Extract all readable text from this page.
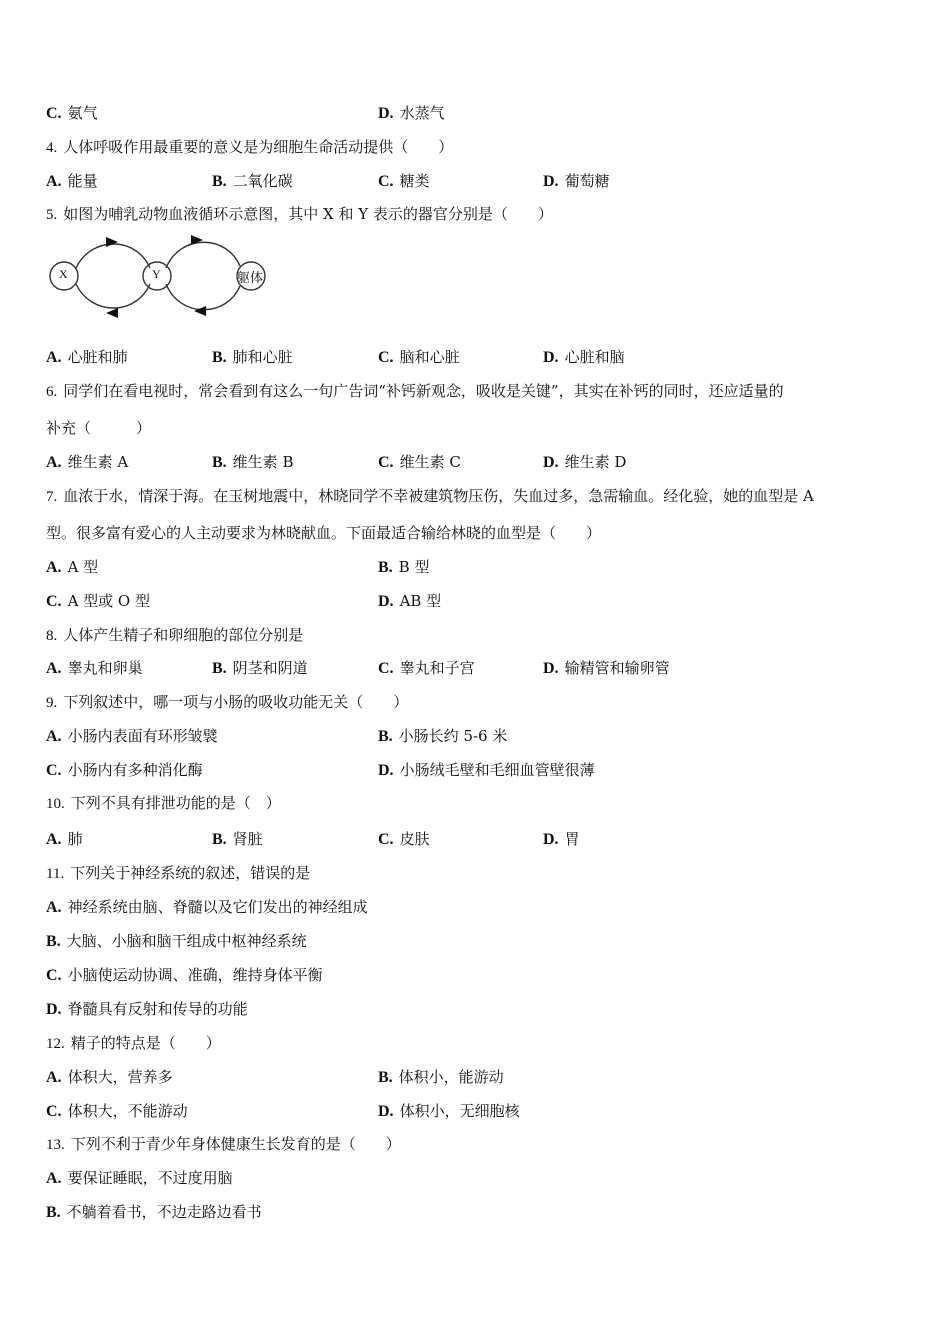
C. 氨气	D. 水蒸气
4. 人体呼吸作用最重要的意义是为细胞生命活动提供（　　）
A. 能量	B. 二氧化碳	C. 糖类	D. 葡萄糖
5. 如图为哺乳动物血液循环示意图，其中 X 和 Y 表示的器官分别是（　　）
A. 心脏和肺	B. 肺和心脏	C. 脑和心脏	D. 心脏和脑
6. 同学们在看电视时，常会看到有这么一句广告词“补钙新观念，吸收是关键”，其实在补钙的同时，还应适量的
补充（　　　）
A. 维生素 A	B. 维生素 B	C. 维生素 C	D. 维生素 D
7. 血浓于水，情深于海。在玉树地震中，林晓同学不幸被建筑物压伤，失血过多，急需输血。经化验，她的血型是 A
型。很多富有爱心的人主动要求为林晓献血。下面最适合输给林晓的血型是（　　）
A. A 型	B. B 型
C. A 型或 O 型	D. AB 型
8. 人体产生精子和卵细胞的部位分别是
A. 睾丸和卵巢	B. 阴茎和阴道	C. 睾丸和子宫	D. 输精管和输卵管
9. 下列叙述中，哪一项与小肠的吸收功能无关（　　）
A. 小肠内表面有环形皱襞	B. 小肠长约 5-6 米
C. 小肠内有多种消化酶	D. 小肠绒毛壁和毛细血管壁很薄
10. 下列不具有排泄功能的是（　）
A. 肺	B. 肾脏	C. 皮肤	D. 胃
11. 下列关于神经系统的叙述，错误的是
A. 神经系统由脑、脊髓以及它们发出的神经组成
B. 大脑、小脑和脑干组成中枢神经系统
C. 小脑使运动协调、准确，维持身体平衡
D. 脊髓具有反射和传导的功能
12. 精子的特点是（　　）
A. 体积大，营养多	B. 体积小，能游动
C. 体积大，不能游动	D. 体积小，无细胞核
13. 下列不利于青少年身体健康生长发育的是（　　）
A. 要保证睡眠，不过度用脑
B. 不躺着看书，不边走路边看书
X	Y	躯体
